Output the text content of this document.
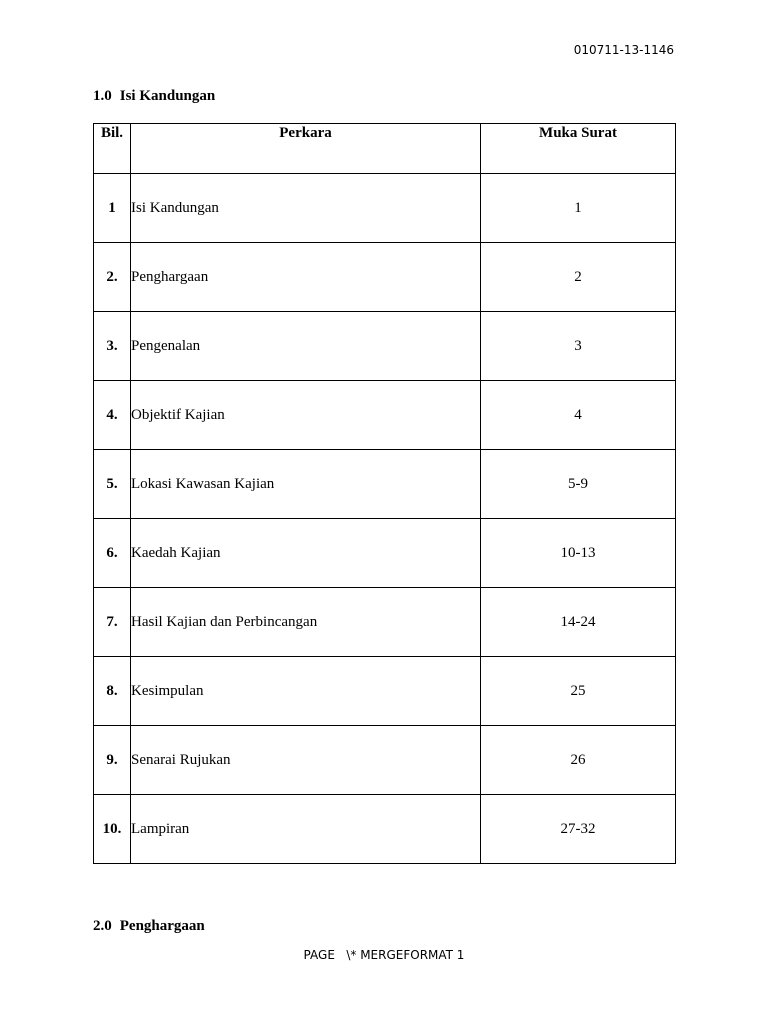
010711-13-1146
1.0 Isi Kandungan
Bil.	Perkara	Muka Surat
1	Isi Kandungan	1
2.	Penghargaan	2
3.	Pengenalan	3
4.	Objektif Kajian	4
5.	Lokasi Kawasan Kajian	5-9
6.	Kaedah Kajian	10-13
7.	Hasil Kajian dan Perbincangan	14-24
8.	Kesimpulan	25
9.	Senarai Rujukan	26
10.	Lampiran	27-32
2.0 Penghargaan
PAGE   \* MERGEFORMAT 1
